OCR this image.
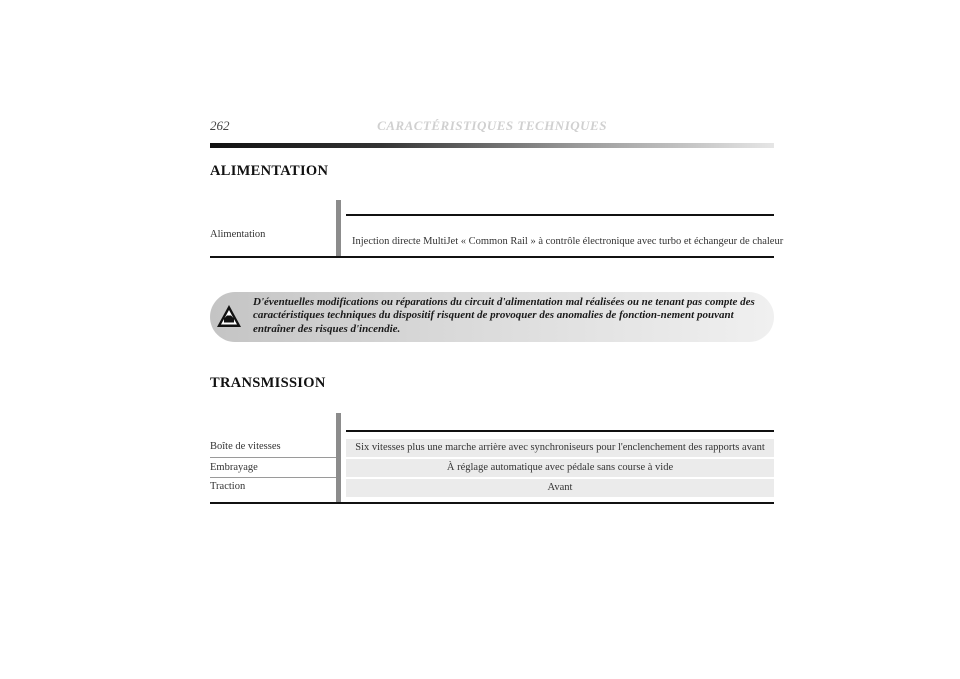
262	CARACTÉRISTIQUES TECHNIQUES
ALIMENTATION
Alimentation
Injection directe MultiJet « Common Rail » à contrôle électronique avec turbo et échangeur de chaleur
D'éventuelles modifications ou réparations du circuit d'alimentation mal réalisées ou ne tenant pas compte des caractéristiques techniques du dispositif risquent de provoquer des anomalies de fonction-nement pouvant entraîner des risques d'incendie.
TRANSMISSION
Boîte de vitesses
Embrayage
Traction
Six vitesses plus une marche arrière avec synchroniseurs pour l'enclenchement des rapports avant
À réglage automatique avec pédale sans course à vide
Avant
